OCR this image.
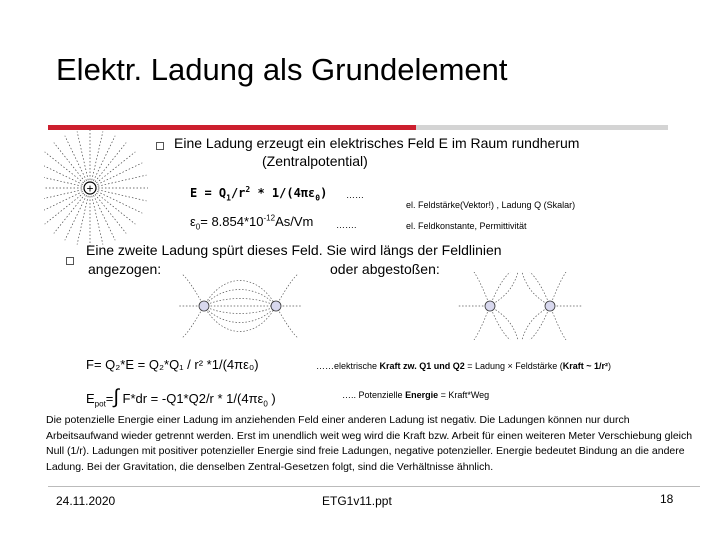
Elektr. Ladung als Grundelement
+
Eine Ladung erzeugt ein elektrisches Feld E im Raum rundherum
(Zentralpotential)
$E = Q_1/r^2 * 1/(4\pi\varepsilon_0)$ ……
el. Feldstärke(Vektor!) , Ladung Q (Skalar)
$\varepsilon_0= 8.854*10^{-12}As/Vm$	…….	el. Feldkonstante, Permittivität
Eine zweite Ladung spürt dieses Feld. Sie wird längs der Feldlinien
angezogen:	oder abgestoßen:
F= Q₂*E = Q₂*Q₁ / r² *1/(4πε₀)	……elektrische Kraft zw. Q1 und Q2 = Ladung × Feldstärke (Kraft ~ 1/r²)
$E_{pot}=\int$ $F*dr = -Q1*Q2/r * 1/(4\pi\varepsilon_0$ )	….. Potenzielle Energie = Kraft*Weg
Die potenzielle Energie einer Ladung im anziehenden Feld einer anderen Ladung ist negativ. Die Ladungen können nur durch Arbeitsaufwand wieder getrennt werden. Erst im unendlich weit weg wird die Kraft bzw. Arbeit für einen weiteren Meter Verschiebung gleich Null (1/r). Ladungen mit positiver potenzieller Energie sind freie Ladungen, negative potenzieller. Energie bedeutet Bindung an die andere Ladung. Bei der Gravitation, die denselben Zentral-Gesetzen folgt, sind die Verhältnisse ähnlich.
24.11.2020	ETG1v11.ppt	18
